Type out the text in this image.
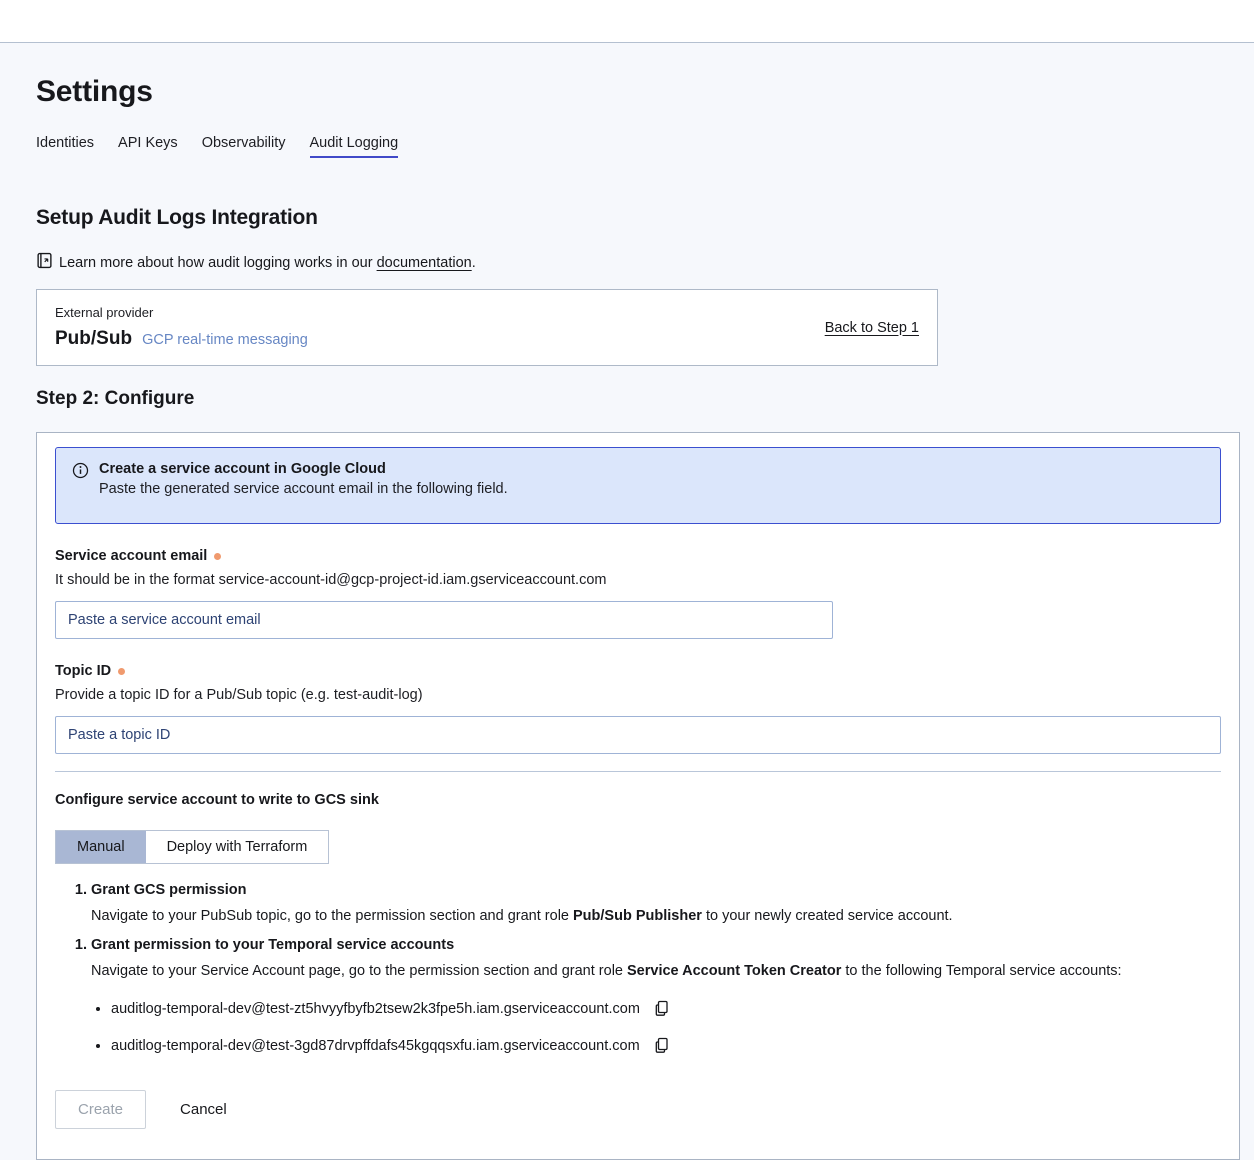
Settings
Identities API Keys Observability Audit Logging
Setup Audit Logs Integration
Learn more about how audit logging works in our documentation.
External provider
Pub/Sub GCP real-time messaging
Back to Step 1
Step 2: Configure
Create a service account in Google Cloud
Paste the generated service account email in the following field.
Service account email
It should be in the format service-account-id@gcp-project-id.iam.gserviceaccount.com
Paste a service account email
Topic ID
Provide a topic ID for a Pub/Sub topic (e.g. test-audit-log)
Paste a topic ID
Configure service account to write to GCS sink
Manual	Deploy with Terraform
Grant GCS permission

Navigate to your PubSub topic, go to the permission section and grant role Pub/Sub Publisher to your newly created service account.

Grant permission to your Temporal service accounts

Navigate to your Service Account page, go to the permission section and grant role Service Account Token Creator to the following Temporal service accounts:

• auditlog-temporal-dev@test-zt5hvyyfbyfb2tsew2k3fpe5h.iam.gserviceaccount.com
• auditlog-temporal-dev@test-3gd87drvpffdafs45kgqqsxfu.iam.gserviceaccount.com
Create	Cancel
